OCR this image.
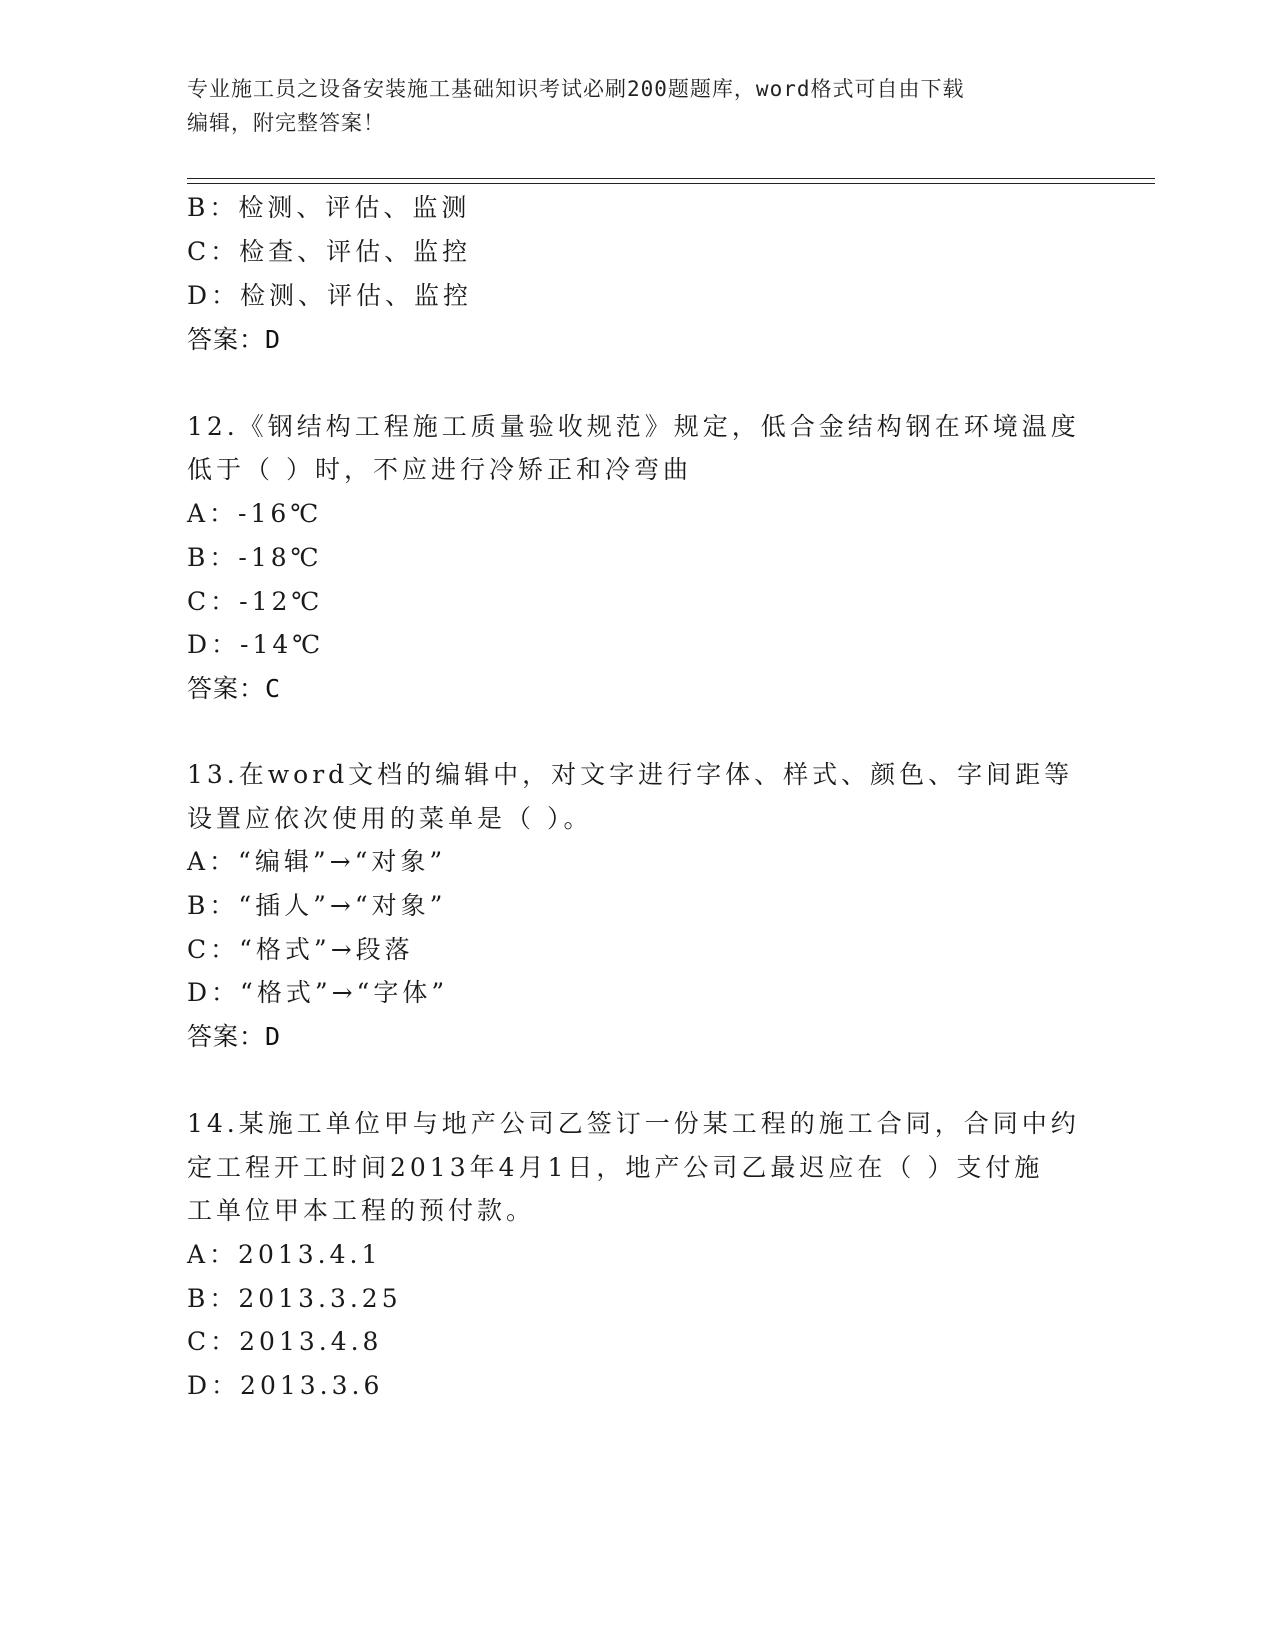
专业施工员之设备安装施工基础知识考试必刷200题题库，word格式可自由下载
编辑，附完整答案！
B：检测、评估、监测
C：检查、评估、监控
D：检测、评估、监控
答案：D
12.《钢结构工程施工质量验收规范》规定，低合金结构钢在环境温度
低于（ ）时，不应进行冷矫正和冷弯曲
A：-16℃
B：-18℃
C：-12℃
D：-14℃
答案：C
13.在word文档的编辑中，对文字进行字体、样式、颜色、字间距等
设置应依次使用的菜单是（ ）。
A：“编辑”→“对象”
B：“插人”→“对象”
C：“格式”→段落
D：“格式”→“字体”
答案：D
14.某施工单位甲与地产公司乙签订一份某工程的施工合同，合同中约
定工程开工时间2013年4月1日，地产公司乙最迟应在（ ）支付施
工单位甲本工程的预付款。
A：2013.4.1
B：2013.3.25
C：2013.4.8
D：2013.3.6
